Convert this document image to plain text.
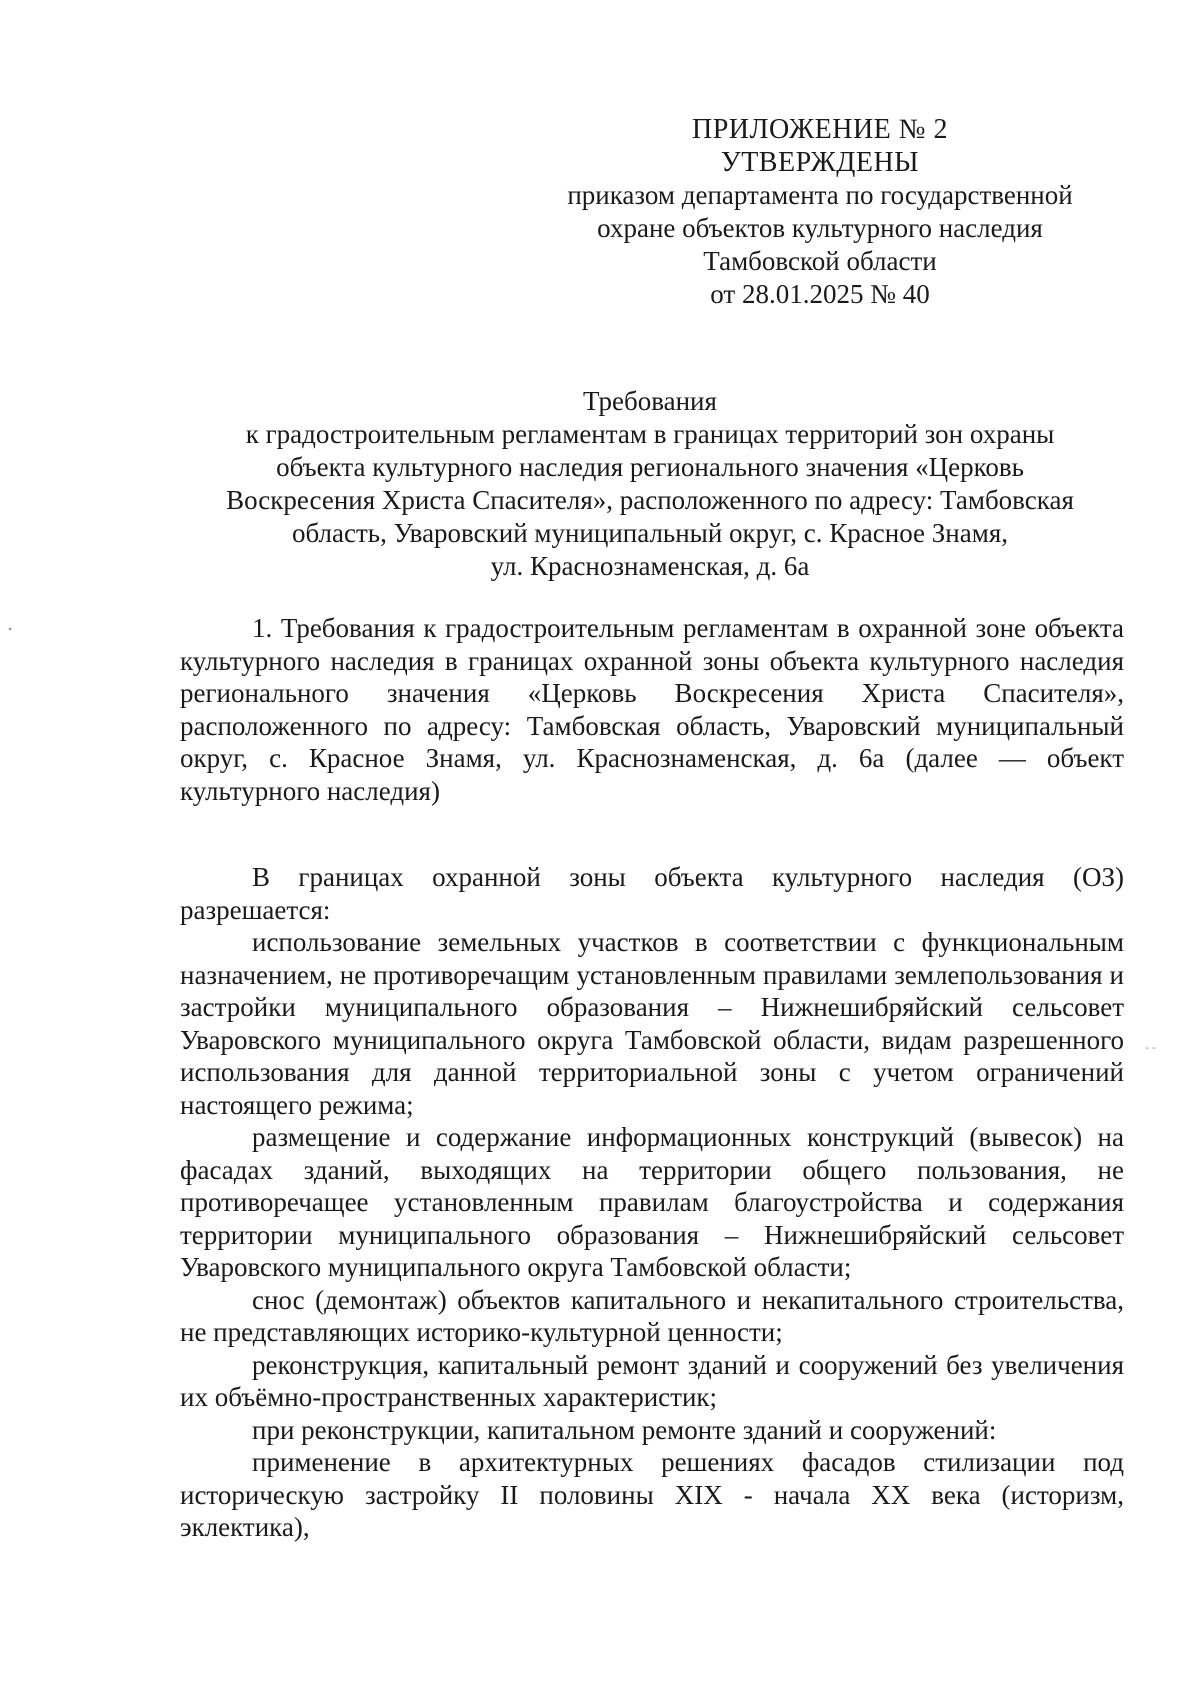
ПРИЛОЖЕНИЕ № 2
УТВЕРЖДЕНЫ
приказом департамента по государственной
охране объектов культурного наследия
Тамбовской области
от 28.01.2025 № 40
Требования
к градостроительным регламентам в границах территорий зон охраны
объекта культурного наследия регионального значения «Церковь
Воскресения Христа Спасителя», расположенного по адресу: Тамбовская
область, Уваровский муниципальный округ, с. Красное Знамя,
ул. Краснознаменская, д. 6а

1. Требования к градостроительным регламентам в охранной зоне объекта культурного наследия в границах охранной зоны объекта культурного наследия регионального значения «Церковь Воскресения Христа Спасителя», расположенного по адресу: Тамбовская область, Уваровский муниципальный округ, с. Красное Знамя, ул. Краснознаменская, д. 6а (далее — объект культурного наследия)

В границах охранной зоны объекта культурного наследия (ОЗ) разрешается:

использование земельных участков в соответствии с функциональным назначением, не противоречащим установленным правилами землепользования и застройки муниципального образования – Нижнешибряйский сельсовет Уваровского муниципального округа Тамбовской области, видам разрешенного использования для данной территориальной зоны с учетом ограничений настоящего режима;

размещение и содержание информационных конструкций (вывесок) на фасадах зданий, выходящих на территории общего пользования, не противоречащее установленным правилам благоустройства и содержания территории муниципального образования – Нижнешибряйский сельсовет Уваровского муниципального округа Тамбовской области;

снос (демонтаж) объектов капитального и некапитального строительства, не представляющих историко-культурной ценности;

реконструкция, капитальный ремонт зданий и сооружений без увеличения их объёмно-пространственных характеристик;

при реконструкции, капитальном ремонте зданий и сооружений:

применение в архитектурных решениях фасадов стилизации под историческую застройку II половины XIX - начала XX века (историзм, эклектика),

•
- -
